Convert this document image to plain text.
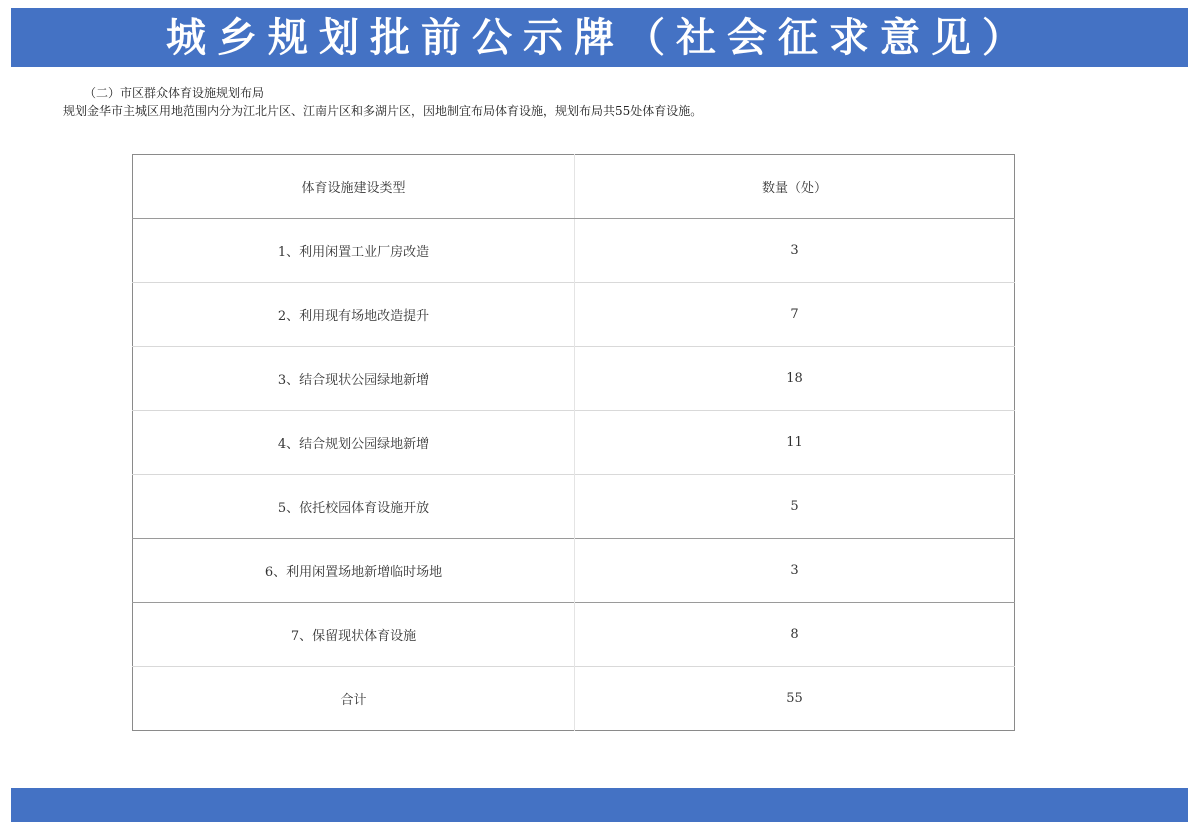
城乡规划批前公示牌（社会征求意见）
（二）市区群众体育设施规划布局
规划金华市主城区用地范围内分为江北片区、江南片区和多湖片区，因地制宜布局体育设施，规划布局共55处体育设施。
体育设施建设类型	数量（处）
1、利用闲置工业厂房改造	3
2、利用现有场地改造提升	7
3、结合现状公园绿地新增	18
4、结合规划公园绿地新增	11
5、依托校园体育设施开放	5
6、利用闲置场地新增临时场地	3
7、保留现状体育设施	8
合计	55
